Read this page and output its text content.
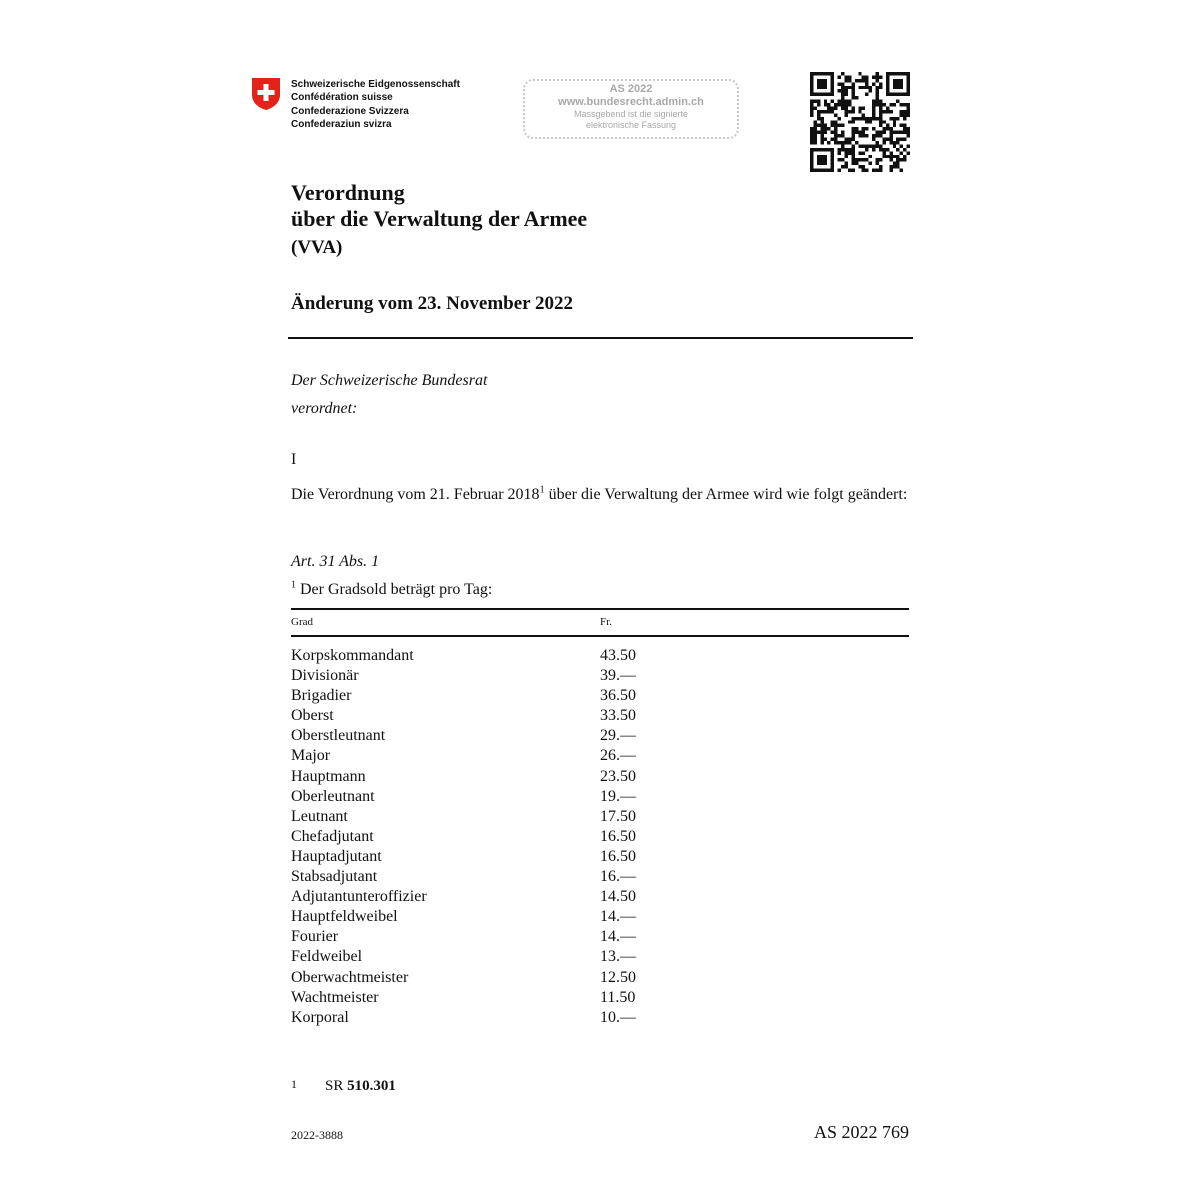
Schweizerische Eidgenossenschaft
Confédération suisse
Confederazione Svizzera
Confederaziun svizra
AS 2022
www.bundesrecht.admin.ch
Massgebend ist die signierte
elektronische Fassung
Verordnung
über die Verwaltung der Armee
(VVA)
Änderung vom 23. November 2022
Der Schweizerische Bundesrat
verordnet:
I
Die Verordnung vom 21. Februar 2018$^1$ über die Verwaltung der Armee wird wie folgt geändert:
Art. 31 Abs. 1
$^1$ Der Gradsold beträgt pro Tag:
Grad	Fr.
Korpskommandant	43.50
Divisionär	39.—
Brigadier	36.50
Oberst	33.50
Oberstleutnant	29.—
Major	26.—
Hauptmann	23.50
Oberleutnant	19.—
Leutnant	17.50
Chefadjutant	16.50
Hauptadjutant	16.50
Stabsadjutant	16.—
Adjutantunteroffizier	14.50
Hauptfeldweibel	14.—
Fourier	14.—
Feldweibel	13.—
Oberwachtmeister	12.50
Wachtmeister	11.50
Korporal	10.—
1 SR 510.301
2022-3888	AS 2022 769
